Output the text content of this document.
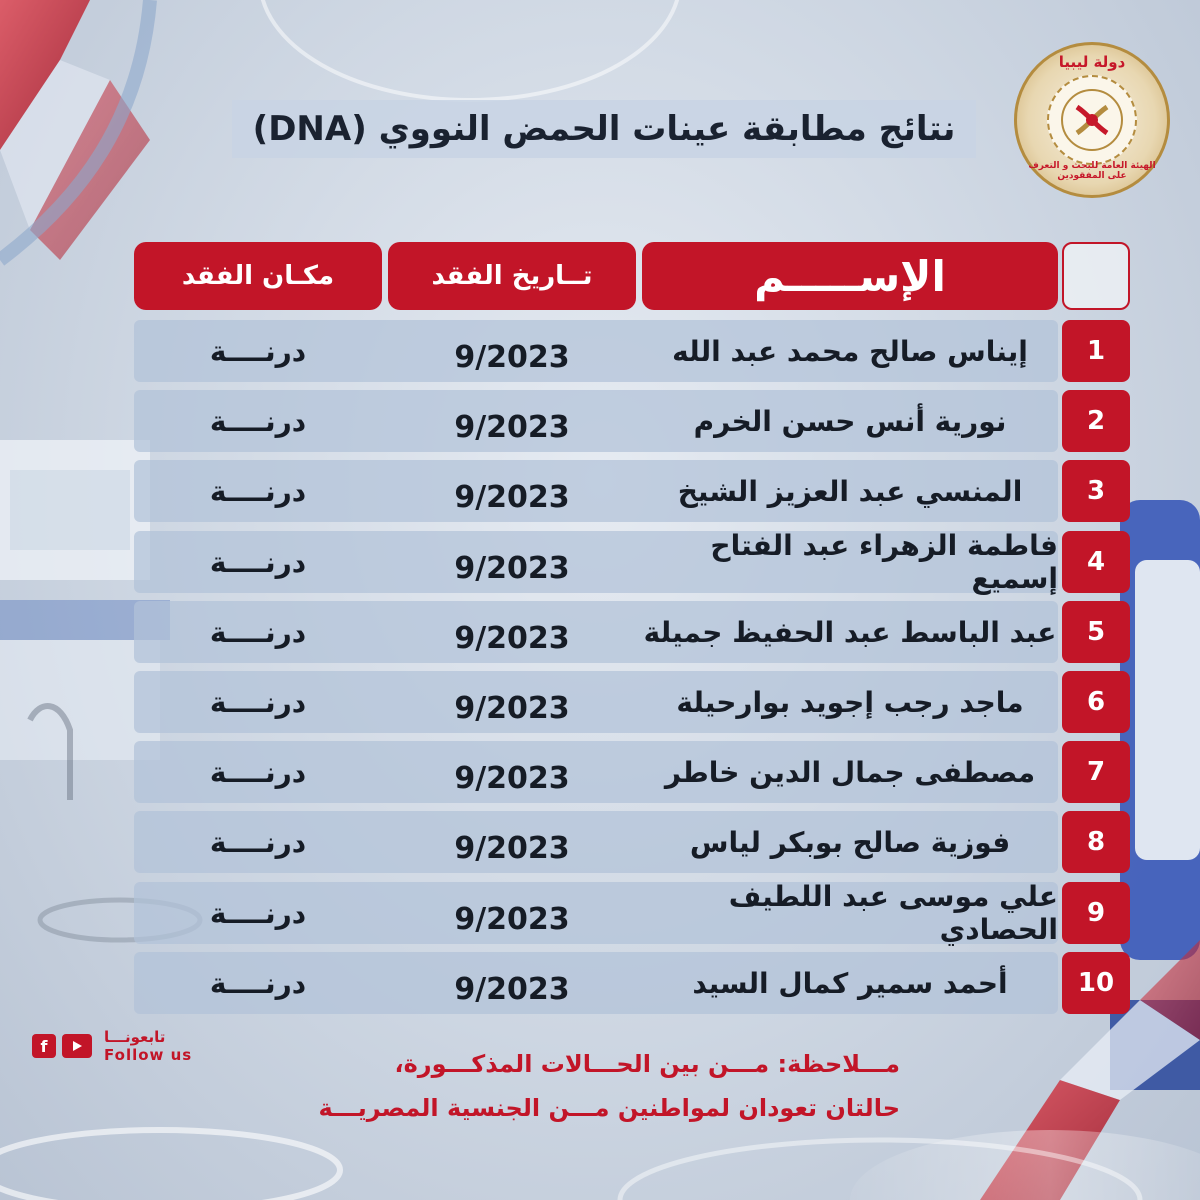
دولة ليبيا
الهيئة العامة للبحث و التعرف على المفقودين
نتائج مطابقة عينات الحمض النووي (DNA)
الإســـــم
تــاريخ الفقد
مكـان الفقد
1
إيناس صالح محمد عبد الله
9/2023
درنــــة
2
نورية أنس حسن الخرم
9/2023
درنــــة
3
المنسي عبد العزيز الشيخ
9/2023
درنــــة
4
فاطمة الزهراء عبد الفتاح إسميع
9/2023
درنــــة
5
عبد الباسط عبد الحفيظ جميلة
9/2023
درنــــة
6
ماجد رجب إجويد بوارحيلة
9/2023
درنــــة
7
مصطفى جمال الدين خاطر
9/2023
درنــــة
8
فوزية صالح بوبكر لياس
9/2023
درنــــة
9
علي موسى عبد اللطيف الحصادي
9/2023
درنــــة
10
أحمد سمير كمال السيد
9/2023
درنــــة
مـــلاحظة: مـــن بين الحـــالات المذكـــورة،
حالتان تعودان لمواطنين مـــن الجنسية المصريـــة
f	تابعونـــا
Follow us
